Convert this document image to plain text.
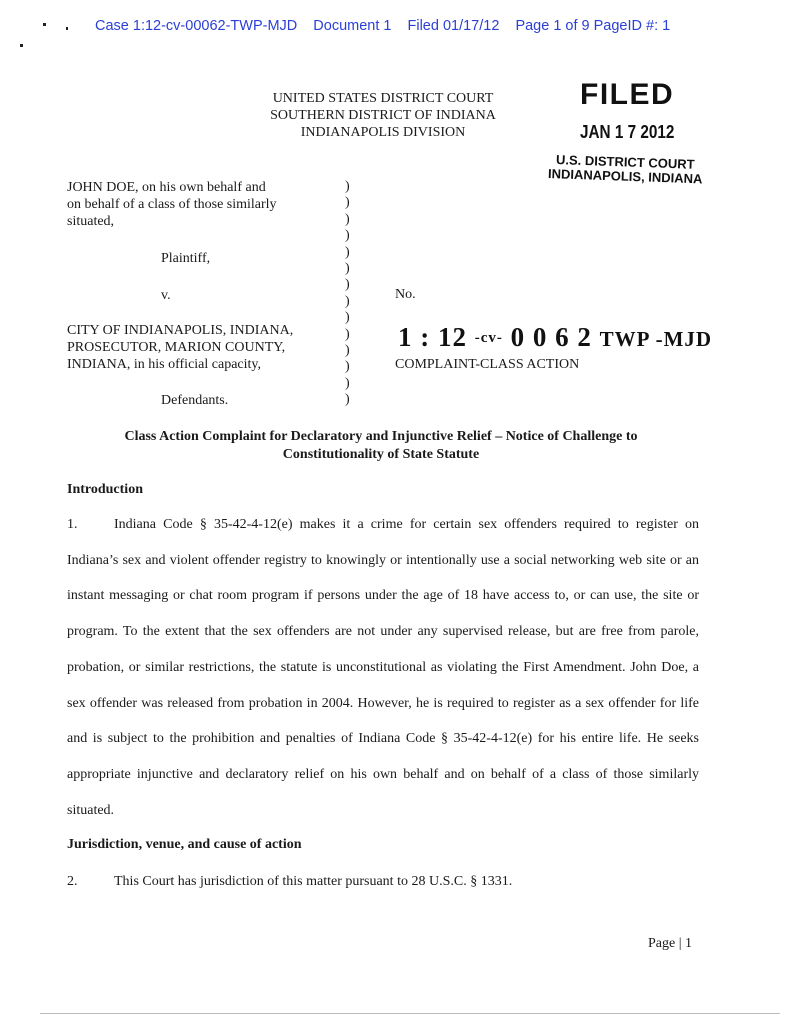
Case 1:12-cv-00062-TWP-MJD Document 1 Filed 01/17/12 Page 1 of 9 PageID #: 1
UNITED STATES DISTRICT COURT
SOUTHERN DISTRICT OF INDIANA
INDIANAPOLIS DIVISION
FILED
JAN 1 7 2012
U.S. DISTRICT COURT
INDIANAPOLIS, INDIANA
JOHN DOE, on his own behalf and
on behalf of a class of those similarly
situated,
Plaintiff,
v.
CITY OF INDIANAPOLIS, INDIANA,
PROSECUTOR, MARION COUNTY,
INDIANA, in his official capacity,
Defendants.
)
)
)
)
)
)
)
)
)
)
)
)
)
)
No.
1 : 12 -cv- 0 0 6 2 TWP -MJD
COMPLAINT-CLASS ACTION
Class Action Complaint for Declaratory and Injunctive Relief – Notice of Challenge to
Constitutionality of State Statute
Introduction
1.	Indiana Code § 35-42-4-12(e) makes it a crime for certain sex offenders required to register on Indiana’s sex and violent offender registry to knowingly or intentionally use a social networking web site or an instant messaging or chat room program if persons under the age of 18 have access to, or can use, the site or program. To the extent that the sex offenders are not under any supervised release, but are free from parole, probation, or similar restrictions, the statute is unconstitutional as violating the First Amendment. John Doe, a sex offender was released from probation in 2004. However, he is required to register as a sex offender for life and is subject to the prohibition and penalties of Indiana Code § 35-42-4-12(e) for his entire life. He seeks appropriate injunctive and declaratory relief on his own behalf and on behalf of a class of those similarly situated.
Jurisdiction, venue, and cause of action
2.	This Court has jurisdiction of this matter pursuant to 28 U.S.C. § 1331.
Page | 1
